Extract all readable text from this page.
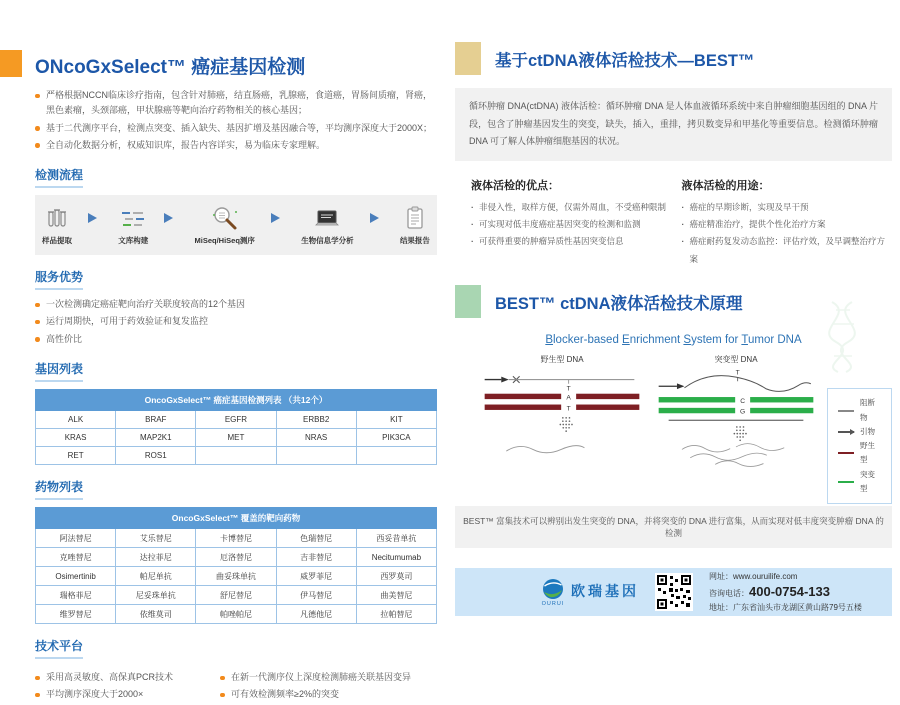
ONcoGxSelect™ 癌症基因检测
严格根据NCCN临床诊疗指南，包含针对肺癌，结直肠癌，乳腺癌，食道癌，胃肠间质瘤，肾癌，黑色素瘤，头颈部癌，甲状腺癌等靶向治疗药物相关的核心基因；
基于二代测序平台，检测点突变、插入缺失、基因扩增及基因融合等，平均测序深度大于2000X；
全自动化数据分析，权威知识库，报告内容详实，易为临床专家理解。
检测流程
样品提取	文库构建	MiSeq/HiSeq测序	生物信息学分析	结果报告
服务优势
一次检测确定癌症靶向治疗关联度较高的12个基因
运行周期快，可用于药效验证和复发监控
高性价比
基因列表
OncoGxSelect™ 癌症基因检测列表 （共12个）				
ALK	BRAF	EGFR	ERBB2	KIT
KRAS	MAP2K1	MET	NRAS	PIK3CA
RET	ROS1			
药物列表
OncoGxSelect™ 覆盖的靶向药物				
阿法替尼	艾乐替尼	卡博替尼	色瑞替尼	西妥昔单抗
克唑替尼	达拉菲尼	厄洛替尼	吉非替尼	Necitumumab
Osimertinib	帕尼单抗	曲妥珠单抗	威罗菲尼	西罗莫司
瑞格菲尼	尼妥珠单抗	舒尼替尼	伊马替尼	曲美替尼
维罗替尼	依维莫司	帕唑帕尼	凡德他尼	拉帕替尼
技术平台
采用高灵敏度、高保真PCR技术
平均测序深度大于2000×
在新一代测序仪上深度检测肺癌关联基因变异
可有效检测频率≥2%的突变
基于ctDNA液体活检技术—BEST™
循环肿瘤 DNA(ctDNA) 液体活检：循环肿瘤 DNA 是人体血液循环系统中来自肿瘤细胞基因组的 DNA 片段，包含了肿瘤基因发生的突变，缺失，插入，重排，拷贝数变异和甲基化等重要信息。检测循环肿瘤 DNA 可了解人体肿瘤细胞基因的状况。

液体活检的优点：

· 非侵入性，取样方便，仅需外周血，不受癌种限制
· 可实现对低丰度癌症基因突变的检测和监测
· 可获得重要的肿瘤异质性基因突变信息

液体活检的用途：

· 癌症的早期诊断，实现及早干预
· 癌症精准治疗，提供个性化治疗方案
· 癌症耐药复发动态监控：评估疗效，及早调整治疗方案
BEST™ ctDNA液体活检技术原理
Blocker-based Enrichment System for Tumor DNA
野生型 DNA
T
A
T
突变型 DNA
T
C
G
阻断物
引物
野生型
突变型
BEST™ 富集技术可以辨别出发生突变的 DNA，并将突变的 DNA 进行富集，从而实现对低丰度突变肿瘤 DNA 的检测
OURUI
欧瑞基因
网址：www.ouruilife.com
咨询电话：400-0754-133
地址：广东省汕头市龙湖区黄山路79号五楼
